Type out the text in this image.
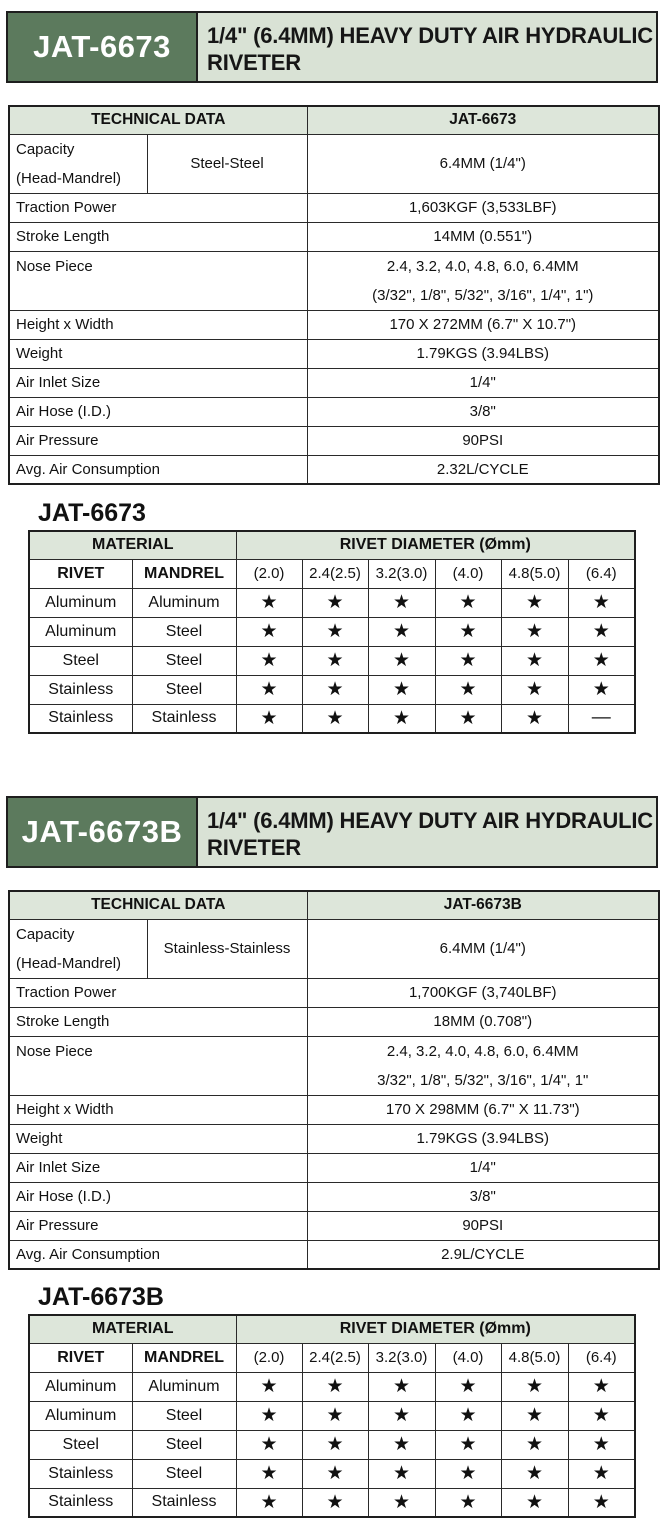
JAT-6673	1/4" (6.4MM) HEAVY DUTY AIR HYDRAULIC
RIVETER
TECHNICAL DATA		JAT-6673

Capacity
(Head-Mandrel)	Steel-Steel	6.4MM (1/4")
Traction Power		1,603KGF (3,533LBF)
Stroke Length		14MM (0.551")
Nose Piece		2.4, 3.2, 4.0, 4.8, 6.0, 6.4MM
(3/32", 1/8", 5/32", 3/16", 1/4", 1")

Height x Width		170 X 272MM (6.7" X 10.7")
Weight		1.79KGS (3.94LBS)
Air Inlet Size		1/4"
Air Hose (I.D.)		3/8"
Air Pressure		90PSI
Avg. Air Consumption		2.32L/CYCLE
JAT-6673
MATERIAL		RIVET DIAMETER (Ømm)					
RIVET	MANDREL	(2.0)	2.4(2.5)	3.2(3.0)	(4.0)	4.8(5.0)	(6.4)
Aluminum	Aluminum	★	★	★	★	★	★
Aluminum	Steel	★	★	★	★	★	★
Steel	Steel	★	★	★	★	★	★
Stainless	Steel	★	★	★	★	★	★
Stainless	Stainless	★	★	★	★	★	—
JAT-6673B	1/4" (6.4MM) HEAVY DUTY AIR HYDRAULIC
RIVETER
TECHNICAL DATA		JAT-6673B

Capacity
(Head-Mandrel)	Stainless-Stainless	6.4MM (1/4")
Traction Power		1,700KGF (3,740LBF)
Stroke Length		18MM (0.708")
Nose Piece		2.4, 3.2, 4.0, 4.8, 6.0, 6.4MM
3/32", 1/8", 5/32", 3/16", 1/4", 1"

Height x Width		170 X 298MM (6.7" X 11.73")
Weight		1.79KGS (3.94LBS)
Air Inlet Size		1/4"
Air Hose (I.D.)		3/8"
Air Pressure		90PSI
Avg. Air Consumption		2.9L/CYCLE
JAT-6673B
MATERIAL		RIVET DIAMETER (Ømm)					
RIVET	MANDREL	(2.0)	2.4(2.5)	3.2(3.0)	(4.0)	4.8(5.0)	(6.4)
Aluminum	Aluminum	★	★	★	★	★	★
Aluminum	Steel	★	★	★	★	★	★
Steel	Steel	★	★	★	★	★	★
Stainless	Steel	★	★	★	★	★	★
Stainless	Stainless	★	★	★	★	★	★
